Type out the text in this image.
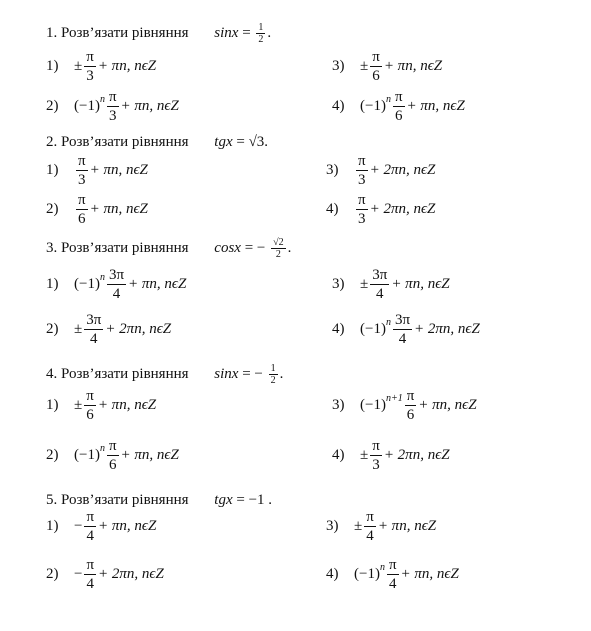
1. Розв’язати рівняння $\sin x = \frac{1}{2}$ .
1)	± $\frac{\pi}{3} + \pi n$, nϵZ	3)	± $\frac{\pi}{6} + \pi n$, nϵZ
2)	$(-1)^n \frac{\pi}{3} + \pi n$, nϵZ	4)	$(-1)^n \frac{\pi}{6} + \pi n$, nϵZ
2. Розв’язати рівняння tgx = √3.
1)	$\frac{\pi}{3} + \pi n$, nϵZ	3)	$\frac{\pi}{3} + 2\pi n$, nϵZ
2)	$\frac{\pi}{6} + \pi n$, nϵZ	4)	$\frac{\pi}{3} + 2\pi n$, nϵZ
3. Розв’язати рівняння cosx = − $\frac{√2}{2}$ .
1)	$(-1)^n \frac{3\pi}{4} + \pi n$, nϵZ	3)	± $\frac{3\pi}{4} + \pi n$, nϵZ
2)	± $\frac{3\pi}{4} + 2\pi n$, nϵZ	4)	$(-1)^n \frac{3\pi}{4} + 2\pi n$, nϵZ
4. Розв’язати рівняння sinx = − $\frac{1}{2}$ .
1)	± $\frac{\pi}{6} + \pi n$, nϵZ	3)	$(-1)^{n+1} \frac{\pi}{6} + \pi n$, nϵZ
2)	$(-1)^n \frac{\pi}{6} + \pi n$, nϵZ	4)	± $\frac{\pi}{3} + 2\pi n$, nϵZ
5. Розв’язати рівняння tgx = −1 .
1)	− $\frac{\pi}{4} + \pi n$, nϵZ	3)	± $\frac{\pi}{4} + \pi n$, nϵZ
2)	− $\frac{\pi}{4} + 2\pi n$, nϵZ	4)	$(-1)^n \frac{\pi}{4} + \pi n$, nϵZ
